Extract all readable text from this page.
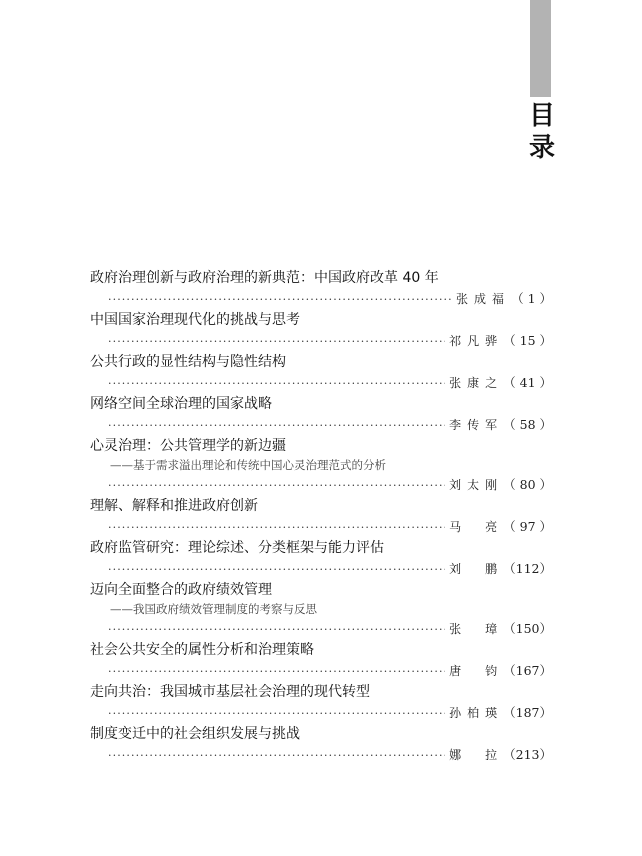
目
录
政府治理创新与政府治理的新典范：中国政府改革 40 年
·····
张成福 （ 1 ）
中国国家治理现代化的挑战与思考
·····
祁凡骅 （ 15 ）
公共行政的显性结构与隐性结构
·····
张康之 （ 41 ）
网络空间全球治理的国家战略
·····
李传军 （ 58 ）
心灵治理：公共管理学的新边疆
——基于需求溢出理论和传统中国心灵治理范式的分析
·····
刘太刚 （ 80 ）
理解、解释和推进政府创新
·····
马　亮 （ 97 ）
政府监管研究：理论综述、分类框架与能力评估
·····
刘　鹏 （112）
迈向全面整合的政府绩效管理
——我国政府绩效管理制度的考察与反思
·····
张　璋 （150）
社会公共安全的属性分析和治理策略
·····
唐　钧 （167）
走向共治：我国城市基层社会治理的现代转型
·····
孙柏瑛 （187）
制度变迁中的社会组织发展与挑战
·····
娜　拉 （213）
